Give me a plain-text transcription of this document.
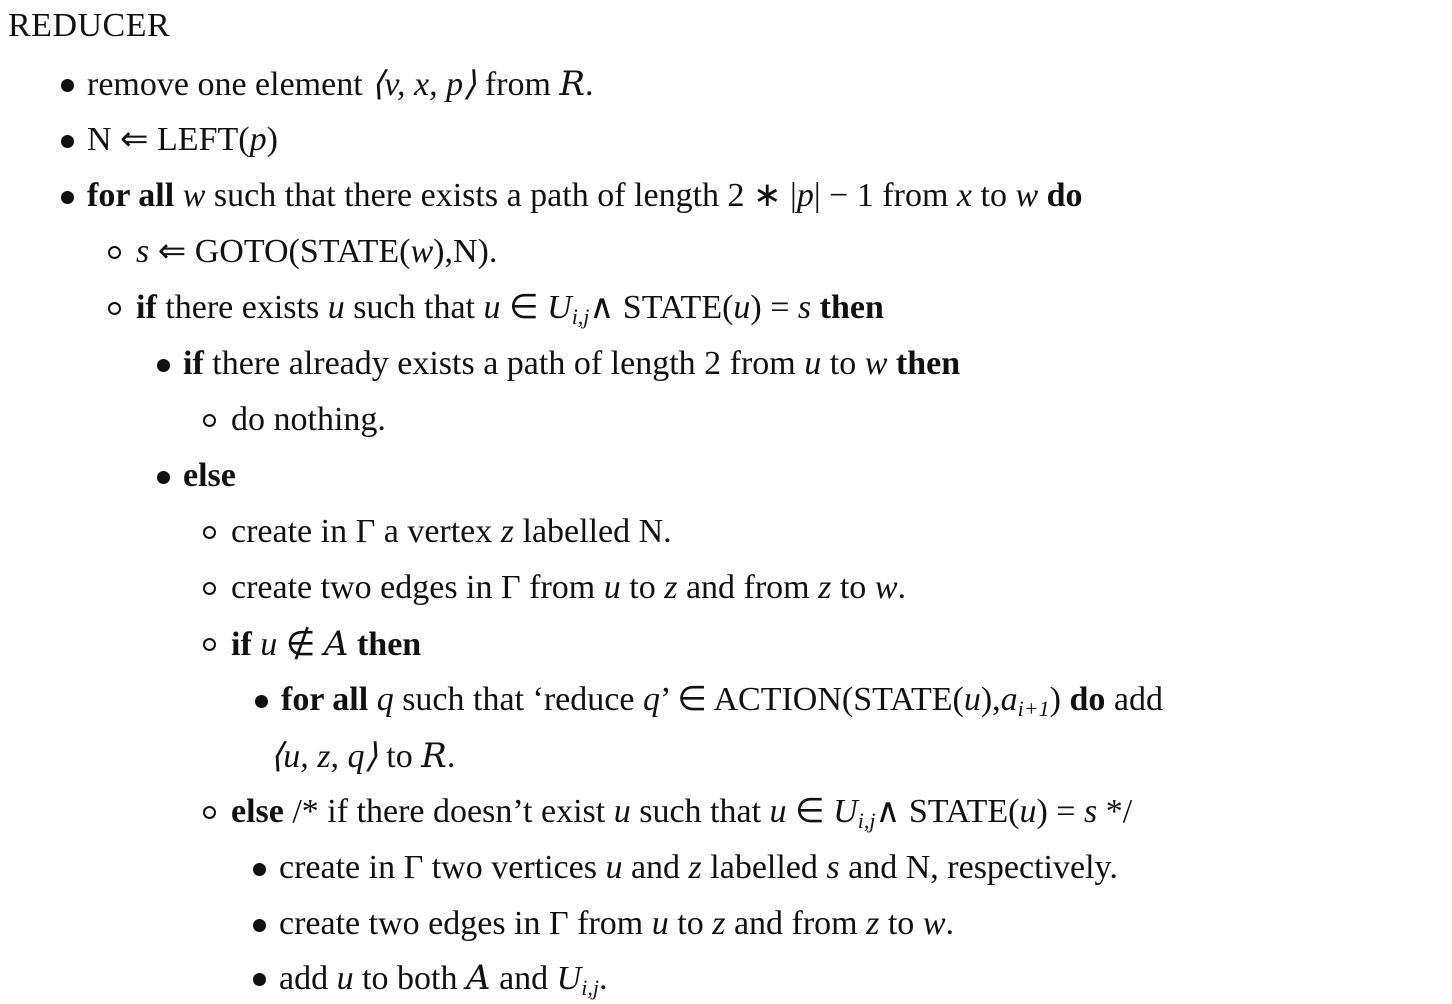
REDUCER
remove one element ⟨v, x, p⟩ from R.
N ⇐ LEFT(p)
for all w such that there exists a path of length 2 ∗ |p| − 1 from x to w do
s ⇐ GOTO(STATE(w),N).
if there exists u such that u ∈ $U_{i,j}\wedge$ STATE(u) = s then
if there already exists a path of length 2 from u to w then
do nothing.
else
create in Γ a vertex z labelled N.
create two edges in Γ from u to z and from z to w.
if u ∉ A then
for all q such that ‘reduce q’ ∈ $ACTION(STATE(u),a_{i+1})$ do add
⟨u, z, q⟩ to R.
else /* if there doesn’t exist u such that u ∈ $U_{i,j}\wedge$ STATE(u) = s */
create in Γ two vertices u and z labelled s and N, respectively.
create two edges in Γ from u to z and from z to w.
add u to both A and $U_{i,j}$.
